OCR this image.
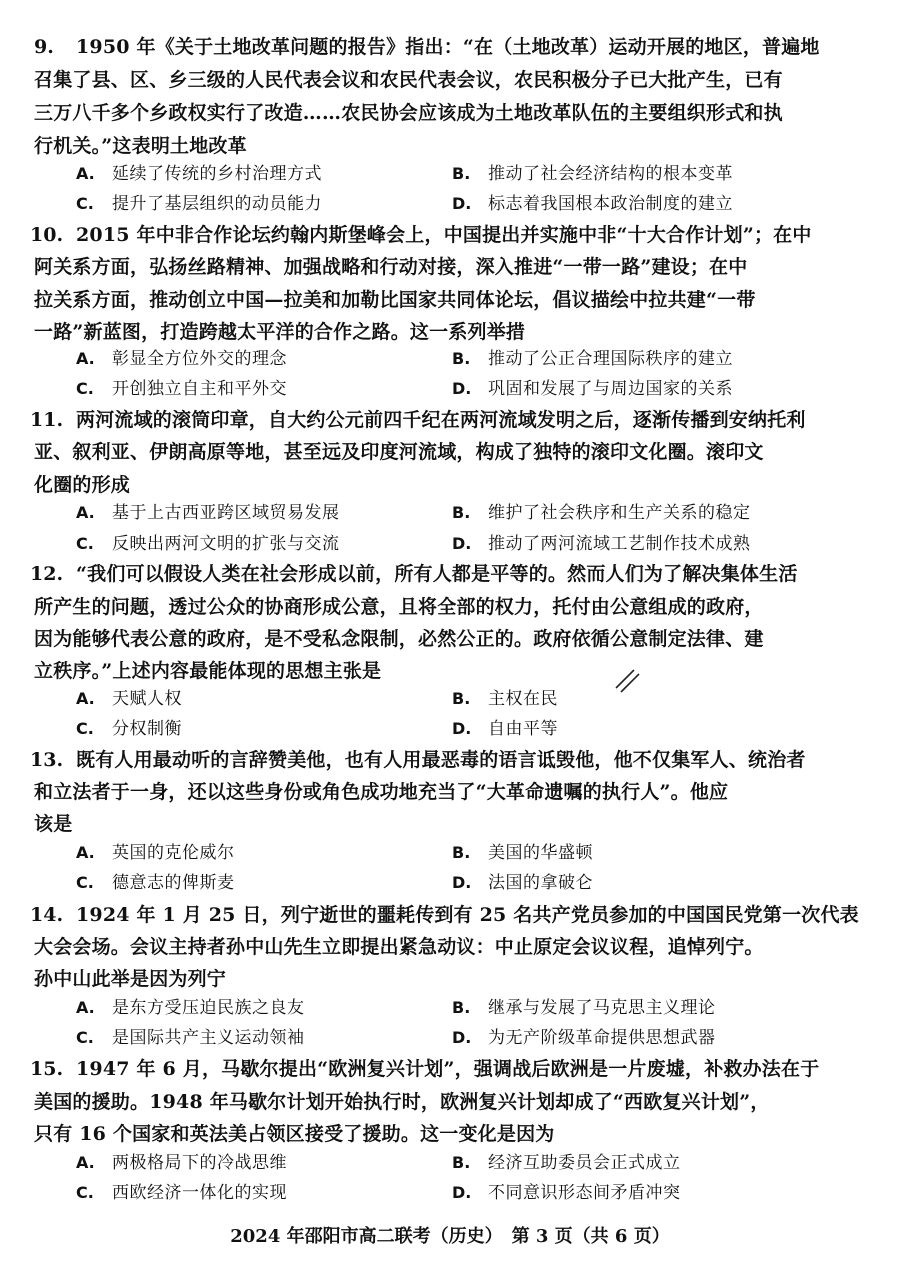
9. 1950 年《关于土地改革问题的报告》指出：“在（土地改革）运动开展的地区，普遍地
召集了县、区、乡三级的人民代表会议和农民代表会议，农民积极分子已大批产生，已有
三万八千多个乡政权实行了改造……农民协会应该成为土地改革队伍的主要组织形式和执
行机关。”这表明土地改革
A. 延续了传统的乡村治理方式	B. 推动了社会经济结构的根本变革
C. 提升了基层组织的动员能力	D. 标志着我国根本政治制度的建立
10. 2015 年中非合作论坛约翰内斯堡峰会上，中国提出并实施中非“十大合作计划”；在中
阿关系方面，弘扬丝路精神、加强战略和行动对接，深入推进“一带一路”建设；在中
拉关系方面，推动创立中国—拉美和加勒比国家共同体论坛，倡议描绘中拉共建“一带
一路”新蓝图，打造跨越太平洋的合作之路。这一系列举措
A. 彰显全方位外交的理念	B. 推动了公正合理国际秩序的建立
C. 开创独立自主和平外交	D. 巩固和发展了与周边国家的关系
11. 两河流域的滚筒印章，自大约公元前四千纪在两河流域发明之后，逐渐传播到安纳托利
亚、叙利亚、伊朗高原等地，甚至远及印度河流域，构成了独特的滚印文化圈。滚印文
化圈的形成
A. 基于上古西亚跨区域贸易发展	B. 维护了社会秩序和生产关系的稳定
C. 反映出两河文明的扩张与交流	D. 推动了两河流域工艺制作技术成熟
12. “我们可以假设人类在社会形成以前，所有人都是平等的。然而人们为了解决集体生活
所产生的问题，透过公众的协商形成公意，且将全部的权力，托付由公意组成的政府，
因为能够代表公意的政府，是不受私念限制，必然公正的。政府依循公意制定法律、建
立秩序。”上述内容最能体现的思想主张是
A. 天赋人权	B. 主权在民
C. 分权制衡	D. 自由平等
13. 既有人用最动听的言辞赞美他，也有人用最恶毒的语言诋毁他，他不仅集军人、统治者
和立法者于一身，还以这些身份或角色成功地充当了“大革命遗嘱的执行人”。他应
该是
A. 英国的克伦威尔	B. 美国的华盛顿
C. 德意志的俾斯麦	D. 法国的拿破仑
14. 1924 年 1 月 25 日，列宁逝世的噩耗传到有 25 名共产党员参加的中国国民党第一次代表
大会会场。会议主持者孙中山先生立即提出紧急动议：中止原定会议议程，追悼列宁。
孙中山此举是因为列宁
A. 是东方受压迫民族之良友	B. 继承与发展了马克思主义理论
C. 是国际共产主义运动领袖	D. 为无产阶级革命提供思想武器
15. 1947 年 6 月，马歇尔提出“欧洲复兴计划”，强调战后欧洲是一片废墟，补救办法在于
美国的援助。1948 年马歇尔计划开始执行时，欧洲复兴计划却成了“西欧复兴计划”，
只有 16 个国家和英法美占领区接受了援助。这一变化是因为
A. 两极格局下的冷战思维	B. 经济互助委员会正式成立
C. 西欧经济一体化的实现	D. 不同意识形态间矛盾冲突
2024 年邵阳市高二联考（历史）　第 3 页（共 6 页）
